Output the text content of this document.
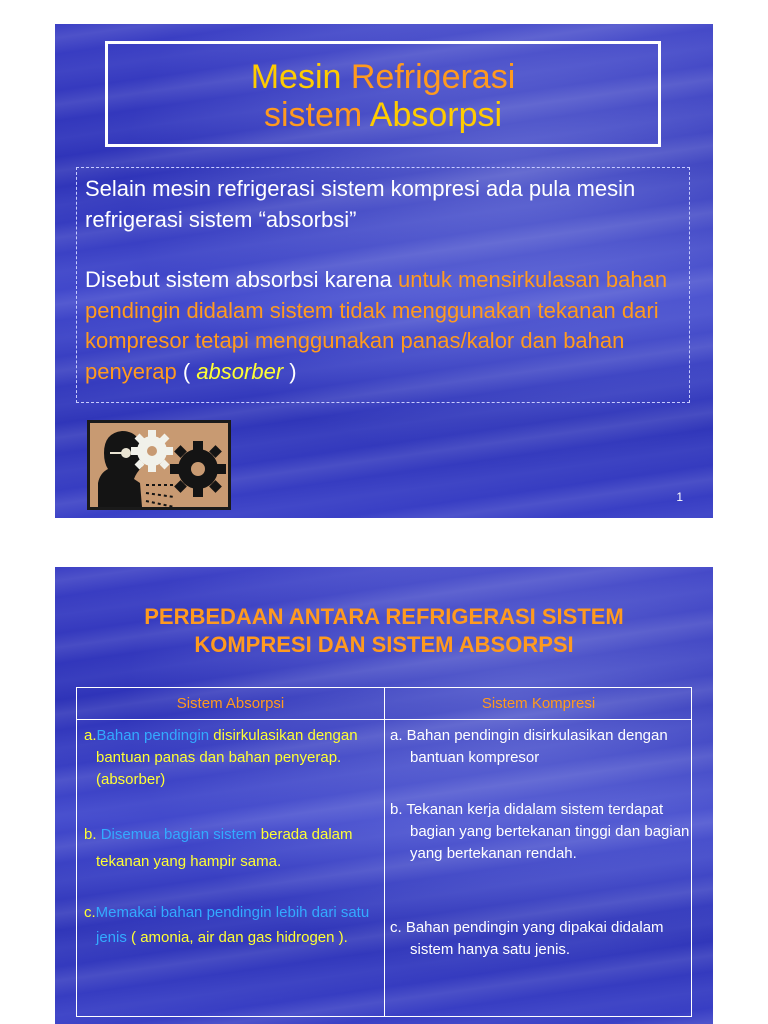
Mesin Refrigerasi
sistem Absorpsi

Selain mesin refrigerasi sistem kompresi ada pula mesin refrigerasi sistem “absorbsi”

Disebut sistem absorbsi karena untuk mensirkulasan bahan pendingin didalam sistem tidak menggunakan tekanan dari kompresor tetapi menggunakan panas/kalor dan bahan penyerap ( absorber )

1
PERBEDAAN ANTARA REFRIGERASI SISTEM
KOMPRESI DAN SISTEM ABSORPSI
Sistem Absorpsi	Sistem Kompresi
a.Bahan pendingin disirkulasikan dengan bantuan panas dan bahan penyerap. (absorber)
b. Disemua bagian sistem berada dalam tekanan yang hampir sama.
c.Memakai bahan pendingin lebih dari satu jenis ( amonia, air dan gas hidrogen ).
a. Bahan pendingin disirkulasikan dengan bantuan kompresor
b. Tekanan kerja didalam sistem terdapat bagian yang bertekanan tinggi dan bagian yang bertekanan rendah.
c. Bahan pendingin yang dipakai didalam sistem hanya satu jenis.
